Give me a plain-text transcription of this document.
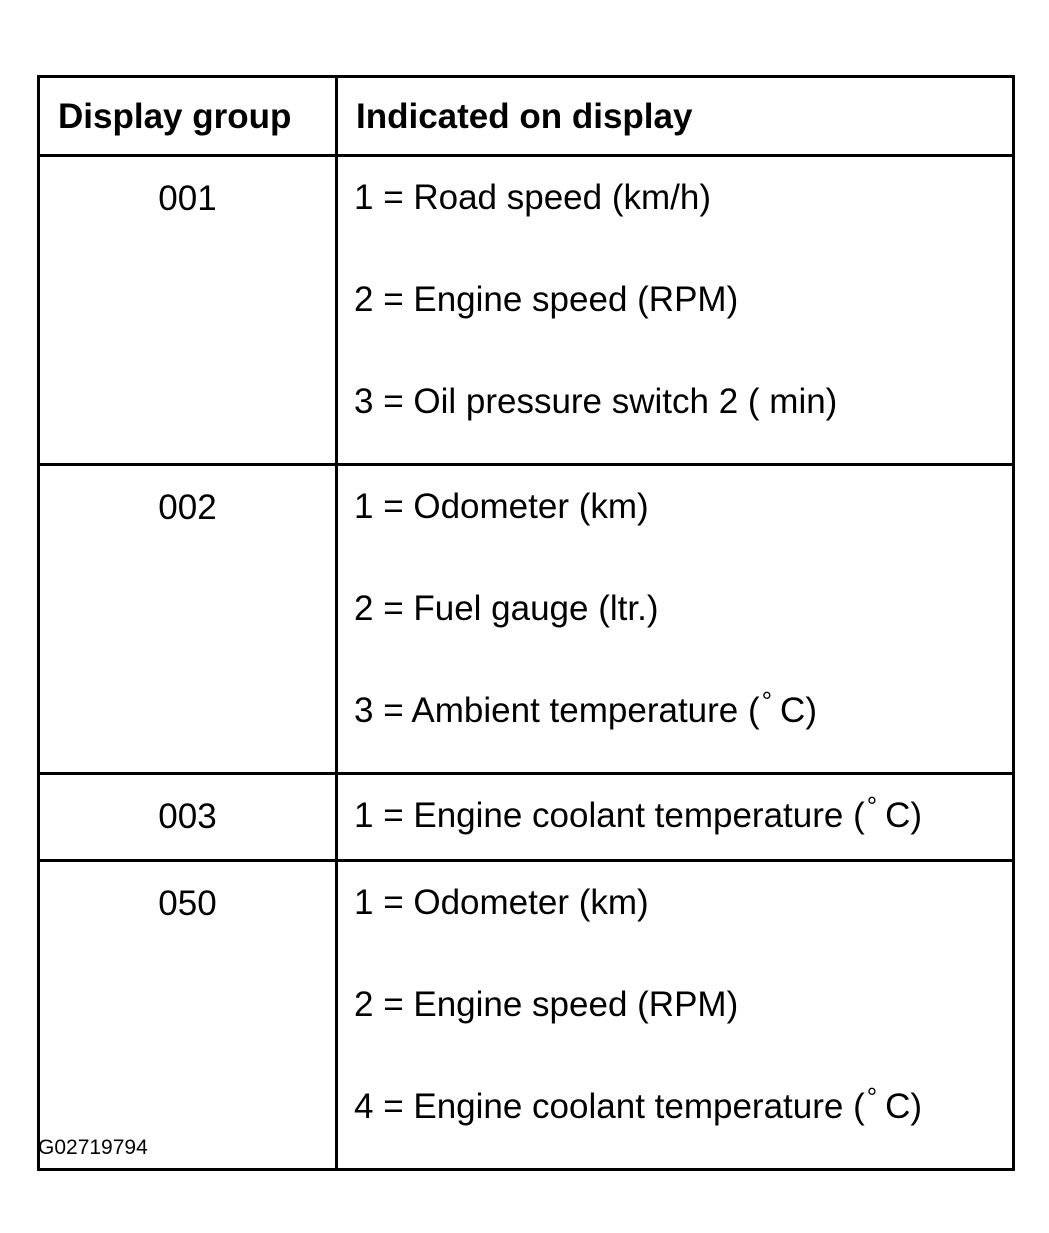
Display group	Indicated on display
001	1 = Road speed (km/h)
2 = Engine speed (RPM)
3 = Oil pressure switch 2 ( min)

002	1 = Odometer (km)
2 = Fuel gauge (ltr.)
3 = Ambient temperature (° C)

003	1 = Engine coolant temperature (° C)

050	1 = Odometer (km)
2 = Engine speed (RPM)
4 = Engine coolant temperature (° C)
G02719794
